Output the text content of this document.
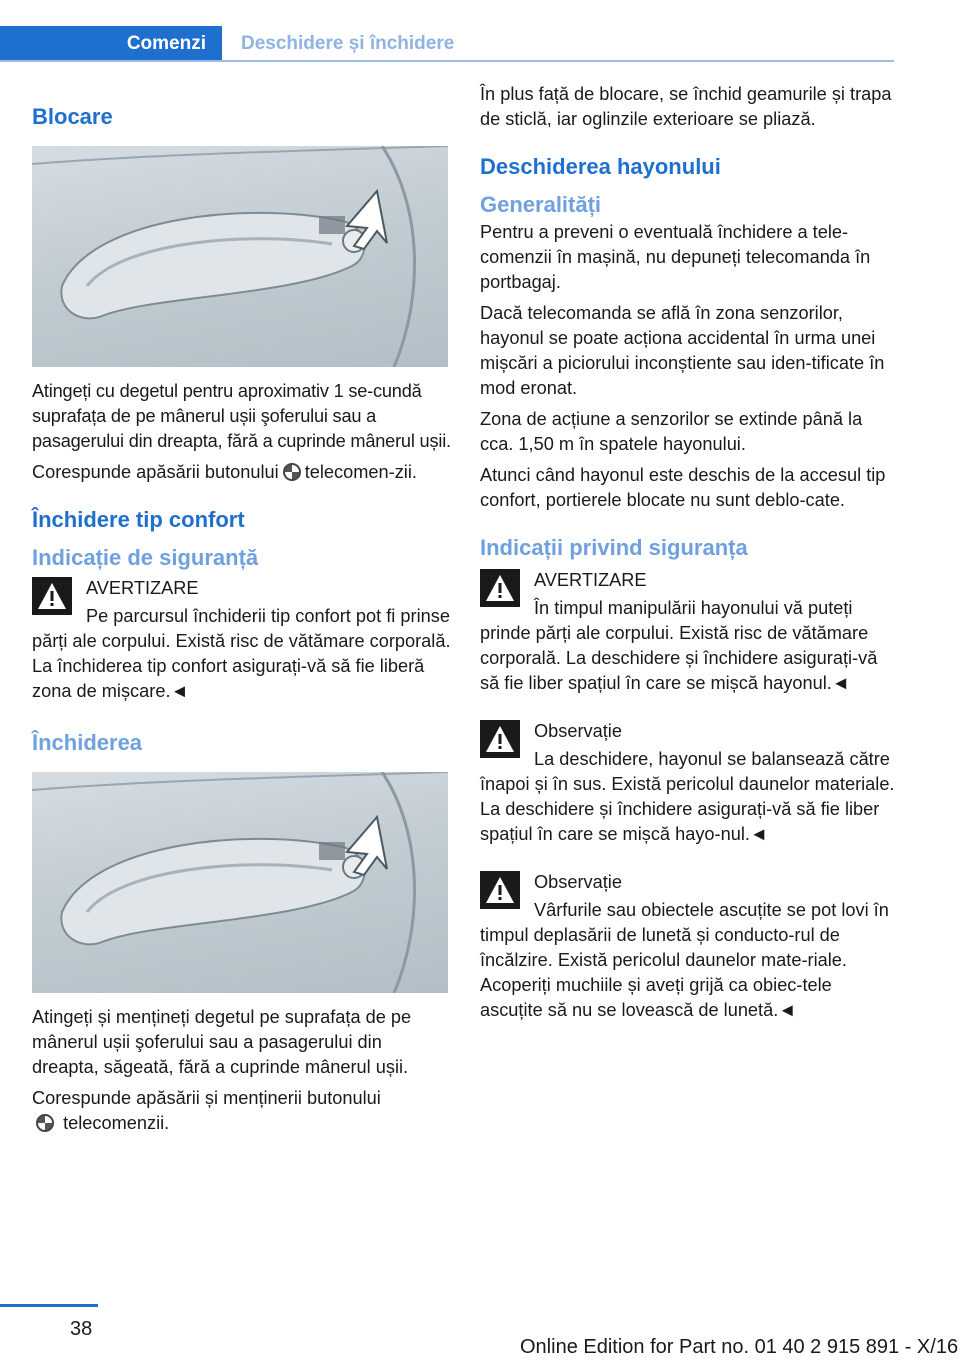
Comenzi Deschidere și închidere
Blocare

Atingeți cu degetul pentru aproximativ 1 se‐cundă suprafața de pe mânerul ușii şoferului sau a pasagerului din dreapta, fără a cuprinde mânerul ușii.

Corespunde apăsării butonului telecomen‐zii.

Închidere tip confort
Indicație de siguranță
AVERTIZARE

Pe parcursul închiderii tip confort pot fi prinse părți ale corpului. Există risc de vătămare corporală. La închiderea tip confort asigurați-vă să fie liberă zona de mișcare.◄

Închiderea

Atingeți și mențineți degetul pe suprafața de pe mânerul ușii şoferului sau a pasagerului din dreapta, săgeată, fără a cuprinde mânerul ușii.

Corespunde apăsării și menținerii butonului
telecomenzii.

În plus față de blocare, se închid geamurile și trapa de sticlă, iar oglinzile exterioare se pliază.

Deschiderea hayonului
Generalități

Pentru a preveni o eventuală închidere a tele‐comenzii în mașină, nu depuneți telecomanda în portbagaj.

Dacă telecomanda se află în zona senzorilor, hayonul se poate acționa accidental în urma unei mișcări a piciorului inconștiente sau iden‐tificate în mod eronat.

Zona de acțiune a senzorilor se extinde până la cca. 1,50 m în spatele hayonului.

Atunci când hayonul este deschis de la accesul tip confort, portierele blocate nu sunt deblo‐cate.

Indicații privind siguranța
AVERTIZARE

În timpul manipulării hayonului vă puteți prinde părți ale corpului. Există risc de vătămare corporală. La deschidere și închidere asigurați-vă să fie liber spațiul în care se mișcă hayonul.◄

Observație

La deschidere, hayonul se balansează către înapoi și în sus. Există pericolul daunelor materiale. La deschidere și închidere asigurați-vă să fie liber spațiul în care se mișcă hayo‐nul.◄

Observație

Vârfurile sau obiectele ascuțite se pot lovi în timpul deplasării de lunetă și conducto‐rul de încălzire. Există pericolul daunelor mate‐riale. Acoperiți muchiile și aveți grijă ca obiec‐tele ascuțite să nu se lovească de lunetă.◄

38
Online Edition for Part no. 01 40 2 915 891 - X/16
